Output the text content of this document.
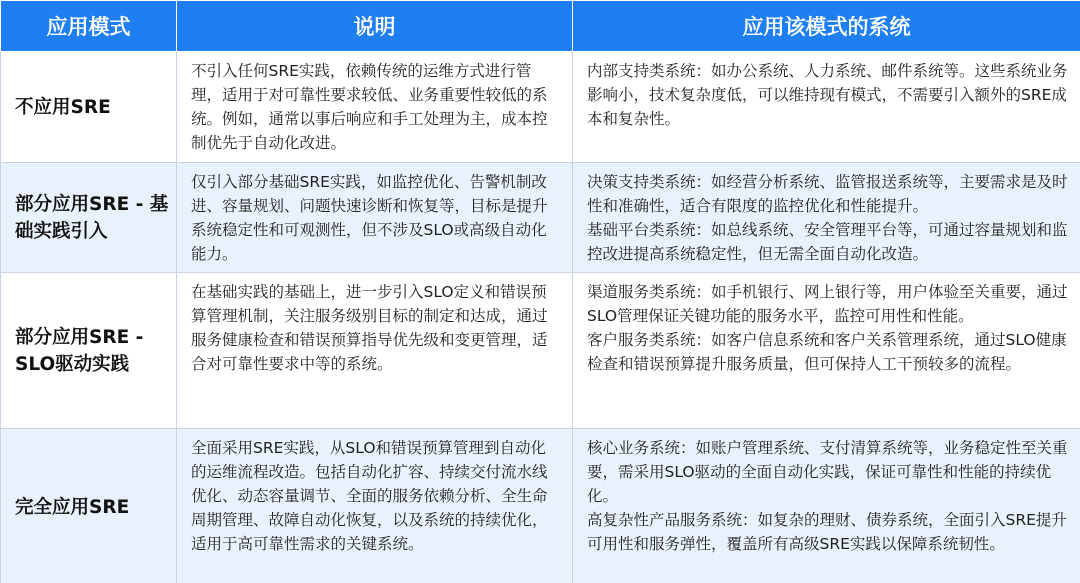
应用模式	说明	应用该模式的系统
不应用SRE	不引入任何SRE实践，依赖传统的运维方式进行管理，适用于对可靠性要求较低、业务重要性较低的系统。例如，通常以事后响应和手工处理为主，成本控制优先于自动化改进。	内部支持类系统：如办公系统、人力系统、邮件系统等。这些系统业务影响小，技术复杂度低，可以维持现有模式，不需要引入额外的SRE成本和复杂性。

部分应用SRE - 基础实践引入	仅引入部分基础SRE实践，如监控优化、告警机制改进、容量规划、问题快速诊断和恢复等，目标是提升系统稳定性和可观测性，但不涉及SLO或高级自动化能力。	决策支持类系统：如经营分析系统、监管报送系统等，主要需求是及时性和准确性，适合有限度的监控优化和性能提升。
基础平台类系统：如总线系统、安全管理平台等，可通过容量规划和监控改进提高系统稳定性，但无需全面自动化改造。

部分应用SRE - SLO驱动实践	在基础实践的基础上，进一步引入SLO定义和错误预算管理机制，关注服务级别目标的制定和达成，通过服务健康检查和错误预算指导优先级和变更管理，适合对可靠性要求中等的系统。	渠道服务类系统：如手机银行、网上银行等，用户体验至关重要，通过SLO管理保证关键功能的服务水平，监控可用性和性能。
客户服务类系统：如客户信息系统和客户关系管理系统，通过SLO健康检查和错误预算提升服务质量，但可保持人工干预较多的流程。

完全应用SRE	全面采用SRE实践，从SLO和错误预算管理到自动化的运维流程改造。包括自动化扩容、持续交付流水线优化、动态容量调节、全面的服务依赖分析、全生命周期管理、故障自动化恢复，以及系统的持续优化，适用于高可靠性需求的关键系统。	核心业务系统：如账户管理系统、支付清算系统等，业务稳定性至关重要，需采用SLO驱动的全面自动化实践，保证可靠性和性能的持续优化。
高复杂性产品服务系统：如复杂的理财、债券系统，全面引入SRE提升可用性和服务弹性，覆盖所有高级SRE实践以保障系统韧性。
